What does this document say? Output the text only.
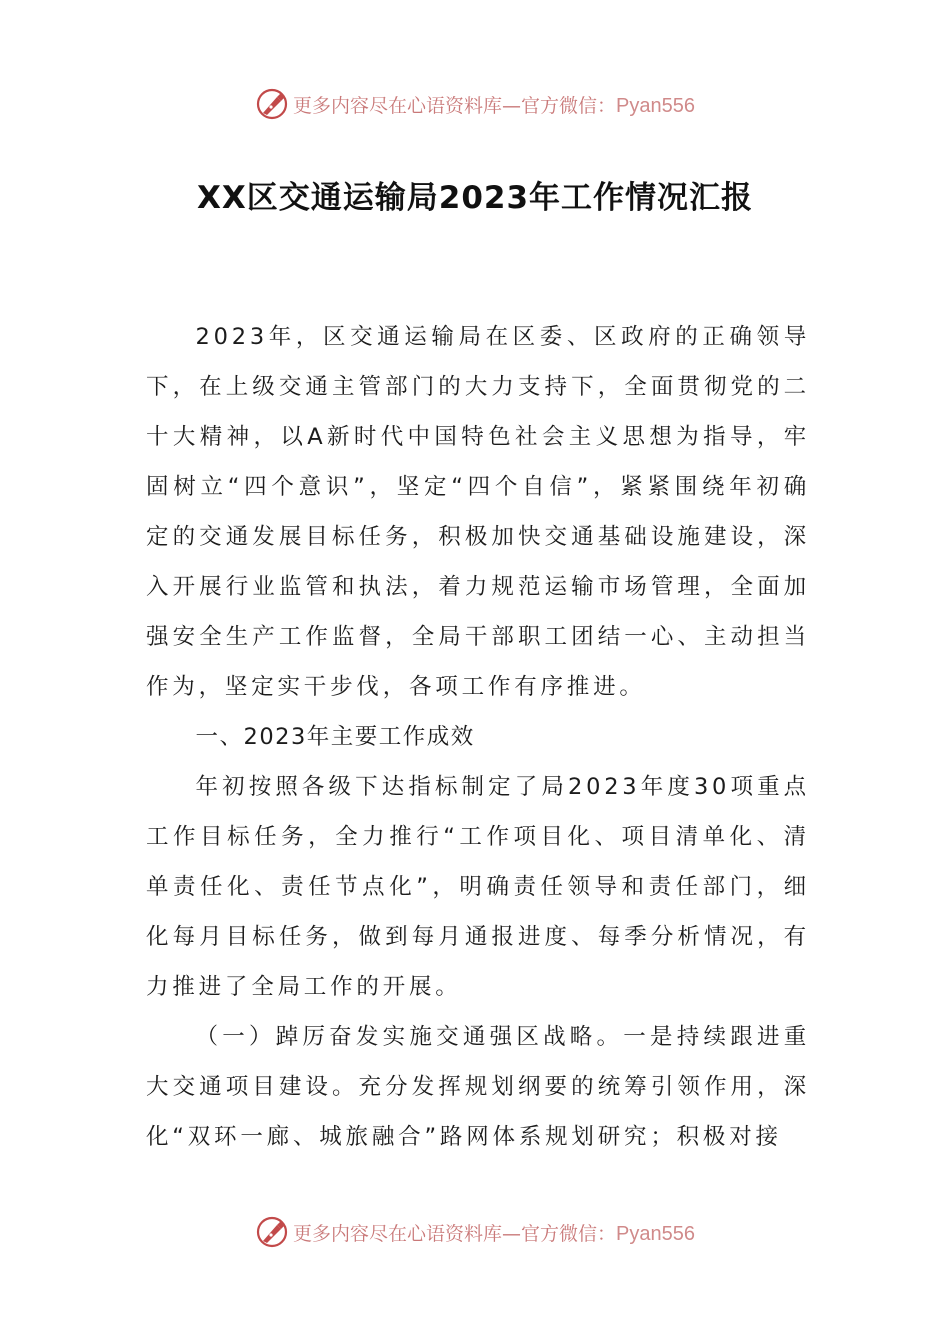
更多内容尽在心语资料库—官方微信：Pyan556
XX区交通运输局2023年工作情况汇报

2023年，区交通运输局在区委、区政府的正确领导下，在上级交通主管部门的大力支持下，全面贯彻党的二十大精神，以A新时代中国特色社会主义思想为指导，牢固树立“四个意识”，坚定“四个自信”，紧紧围绕年初确定的交通发展目标任务，积极加快交通基础设施建设，深入开展行业监管和执法，着力规范运输市场管理，全面加强安全生产工作监督，全局干部职工团结一心、主动担当作为，坚定实干步伐，各项工作有序推进。

一、2023年主要工作成效

年初按照各级下达指标制定了局2023年度30项重点工作目标任务，全力推行“工作项目化、项目清单化、清单责任化、责任节点化”，明确责任领导和责任部门，细化每月目标任务，做到每月通报进度、每季分析情况，有力推进了全局工作的开展。

（一）踔厉奋发实施交通强区战略。一是持续跟进重大交通项目建设。充分发挥规划纲要的统筹引领作用，深化“双环一廊、城旅融合”路网体系规划研究；积极对接

更多内容尽在心语资料库—官方微信：Pyan556
